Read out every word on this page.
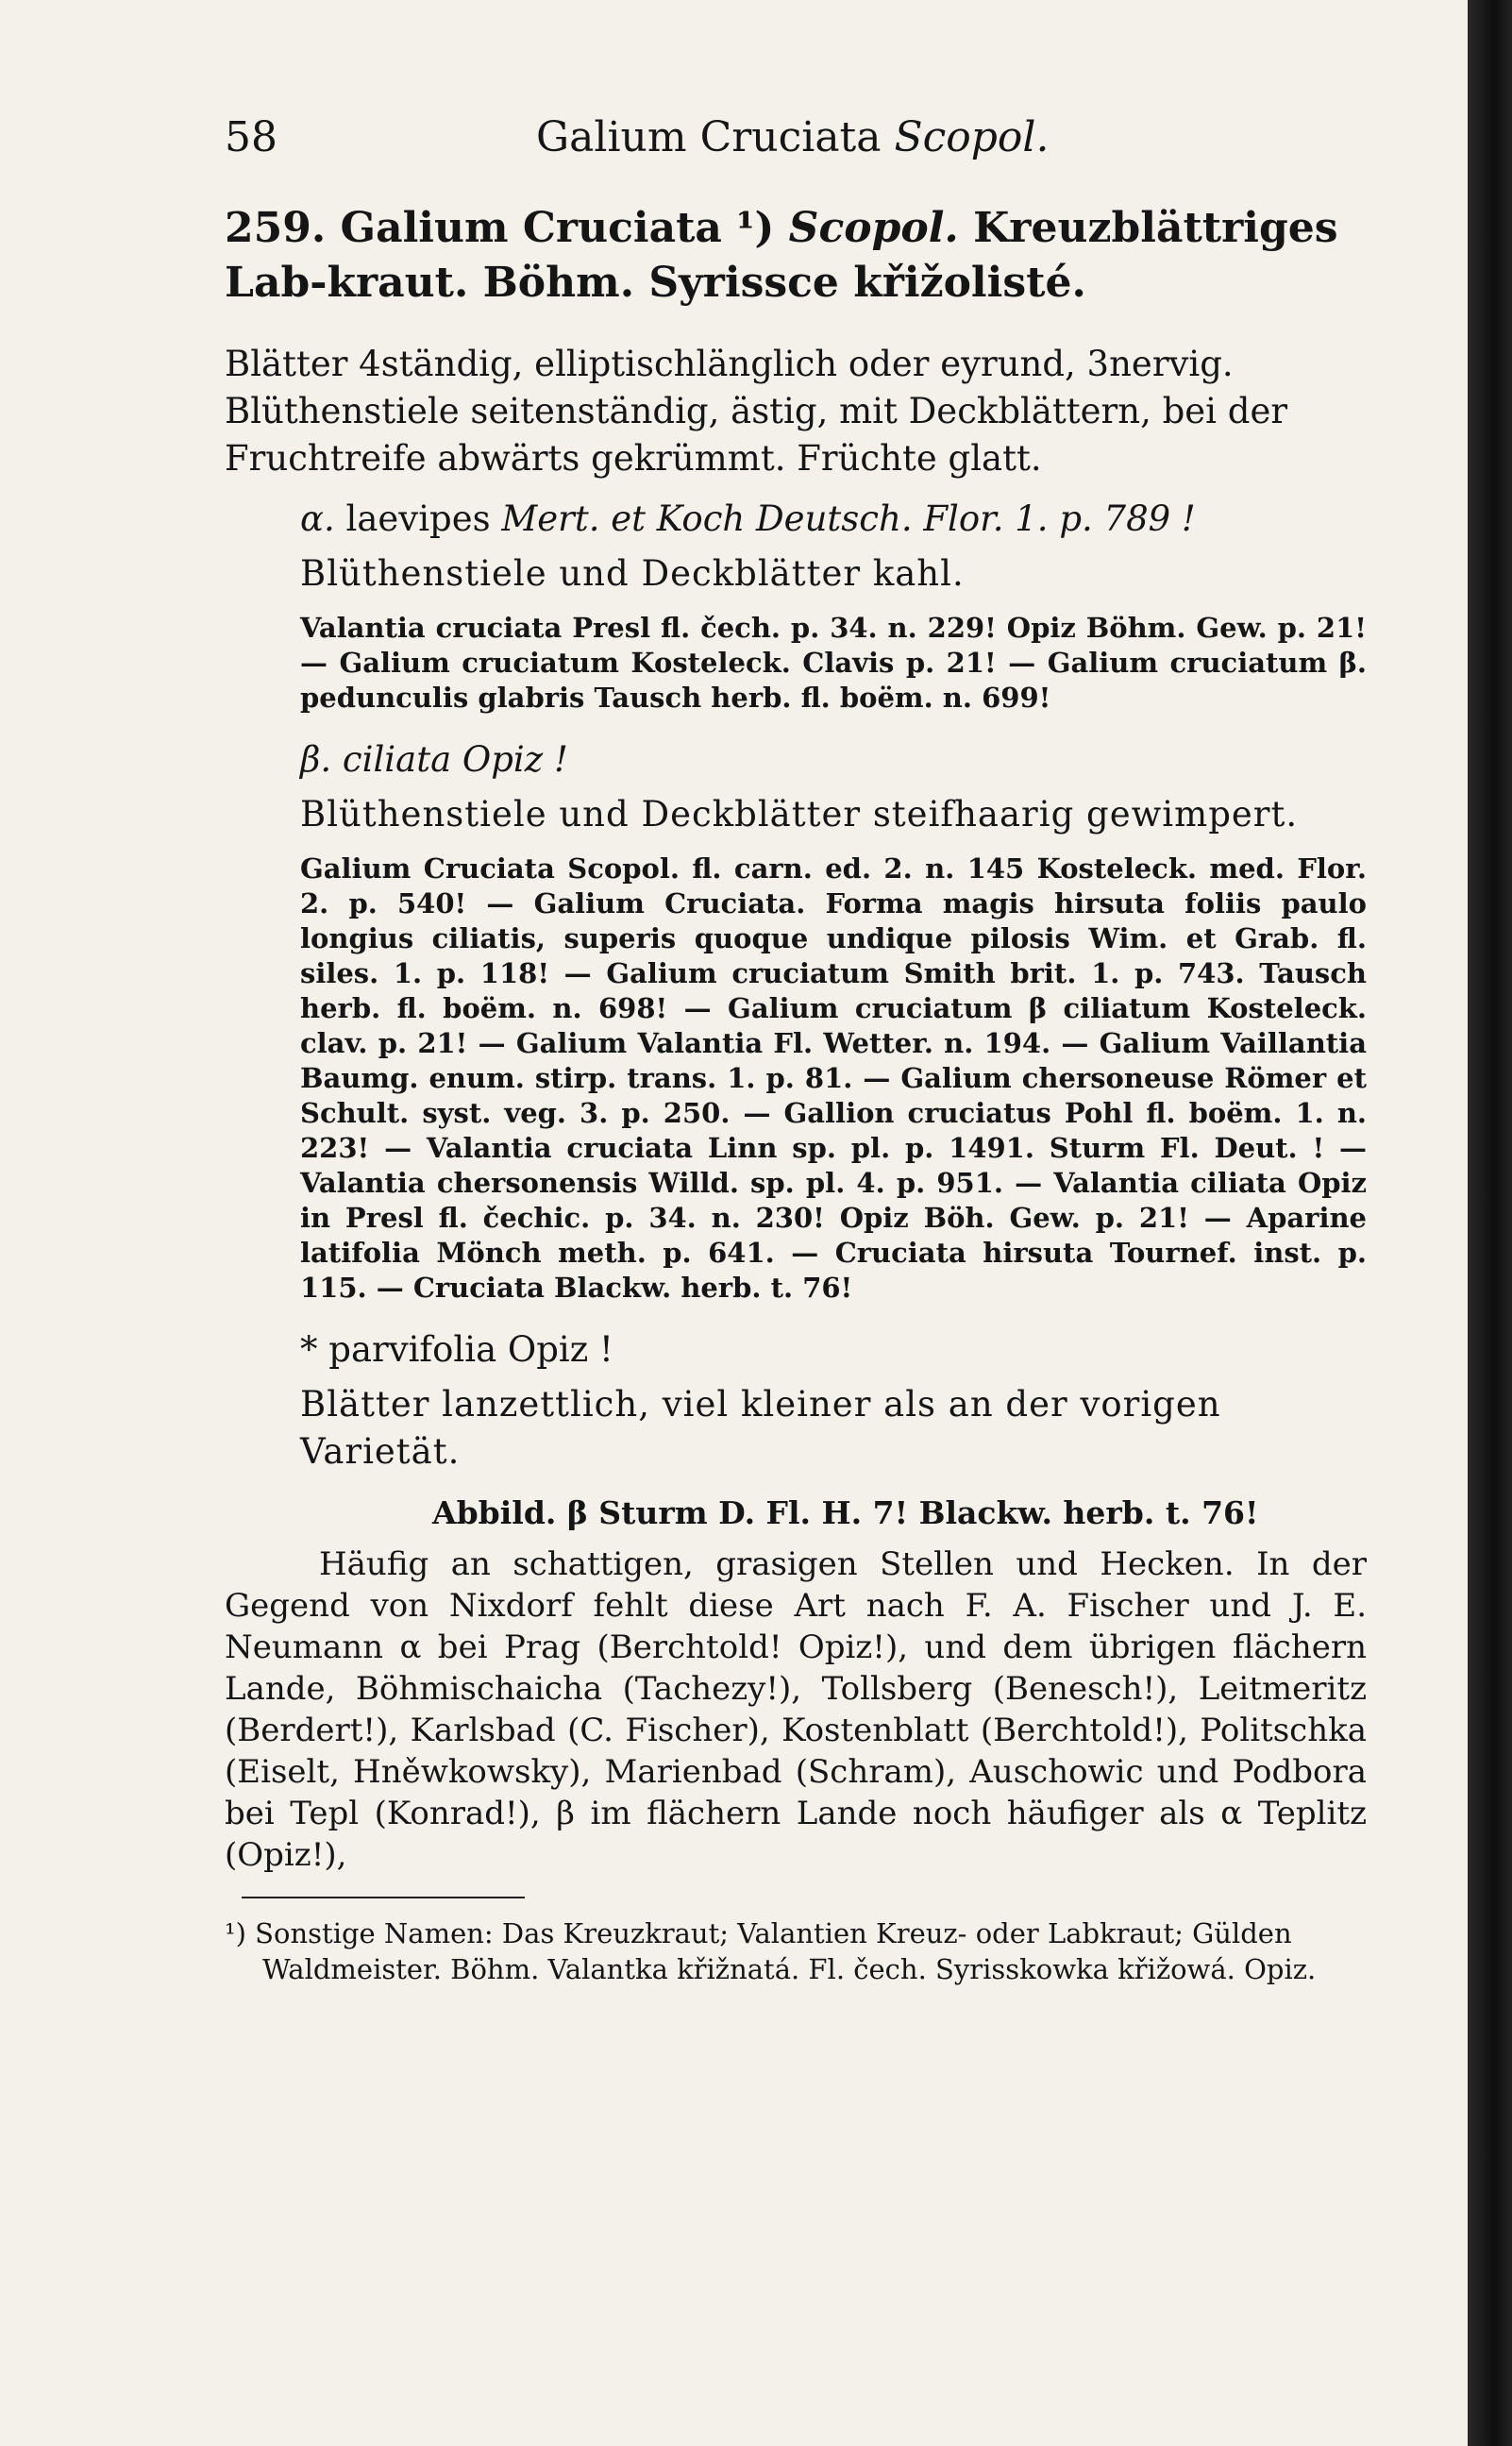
58	Galium Cruciata Scopol.

259. Galium Cruciata ¹) Scopol. Kreuzblättriges Lab-kraut. Böhm. Syrissce křižolisté.

Blätter 4ständig, elliptischlänglich oder eyrund, 3nervig. Blüthenstiele seitenständig, ästig, mit Deckblättern, bei der Fruchtreife abwärts gekrümmt. Früchte glatt.

α. laevipes Mert. et Koch Deutsch. Flor. 1. p. 789 !

Blüthenstiele und Deckblätter kahl.

Valantia cruciata Presl fl. čech. p. 34. n. 229! Opiz Böhm. Gew. p. 21! — Galium cruciatum Kosteleck. Clavis p. 21! — Galium cruciatum β. pedunculis glabris Tausch herb. fl. boëm. n. 699!

β. ciliata Opiz !

Blüthenstiele und Deckblätter steifhaarig gewimpert.

Galium Cruciata Scopol. fl. carn. ed. 2. n. 145 Kosteleck. med. Flor. 2. p. 540! — Galium Cruciata. Forma magis hirsuta foliis paulo longius ciliatis, superis quoque undique pilosis Wim. et Grab. fl. siles. 1. p. 118! — Galium cruciatum Smith brit. 1. p. 743. Tausch herb. fl. boëm. n. 698! — Galium cruciatum β ciliatum Kosteleck. clav. p. 21! — Galium Valantia Fl. Wetter. n. 194. — Galium Vaillantia Baumg. enum. stirp. trans. 1. p. 81. — Galium chersoneuse Römer et Schult. syst. veg. 3. p. 250. — Gallion cruciatus Pohl fl. boëm. 1. n. 223! — Valantia cruciata Linn sp. pl. p. 1491. Sturm Fl. Deut. ! — Valantia chersonensis Willd. sp. pl. 4. p. 951. — Valantia ciliata Opiz in Presl fl. čechic. p. 34. n. 230! Opiz Böh. Gew. p. 21! — Aparine latifolia Mönch meth. p. 641. — Cruciata hirsuta Tournef. inst. p. 115. — Cruciata Blackw. herb. t. 76!

* parvifolia Opiz !

Blätter lanzettlich, viel kleiner als an der vorigen Varietät.

Abbild. β Sturm D. Fl. H. 7! Blackw. herb. t. 76!

Häufig an schattigen, grasigen Stellen und Hecken. In der Gegend von Nixdorf fehlt diese Art nach F. A. Fischer und J. E. Neumann α bei Prag (Berchtold! Opiz!), und dem übrigen flächern Lande, Böhmischaicha (Tachezy!), Tollsberg (Benesch!), Leitmeritz (Berdert!), Karlsbad (C. Fischer), Kostenblatt (Berchtold!), Politschka (Eiselt, Hněwkowsky), Marienbad (Schram), Auschowic und Podbora bei Tepl (Konrad!), β im flächern Lande noch häufiger als α Teplitz (Opiz!),

¹) Sonstige Namen: Das Kreuzkraut; Valantien Kreuz- oder Labkraut; Gülden Waldmeister. Böhm. Valantka křižnatá. Fl. čech. Syrisskowka křižowá. Opiz.
